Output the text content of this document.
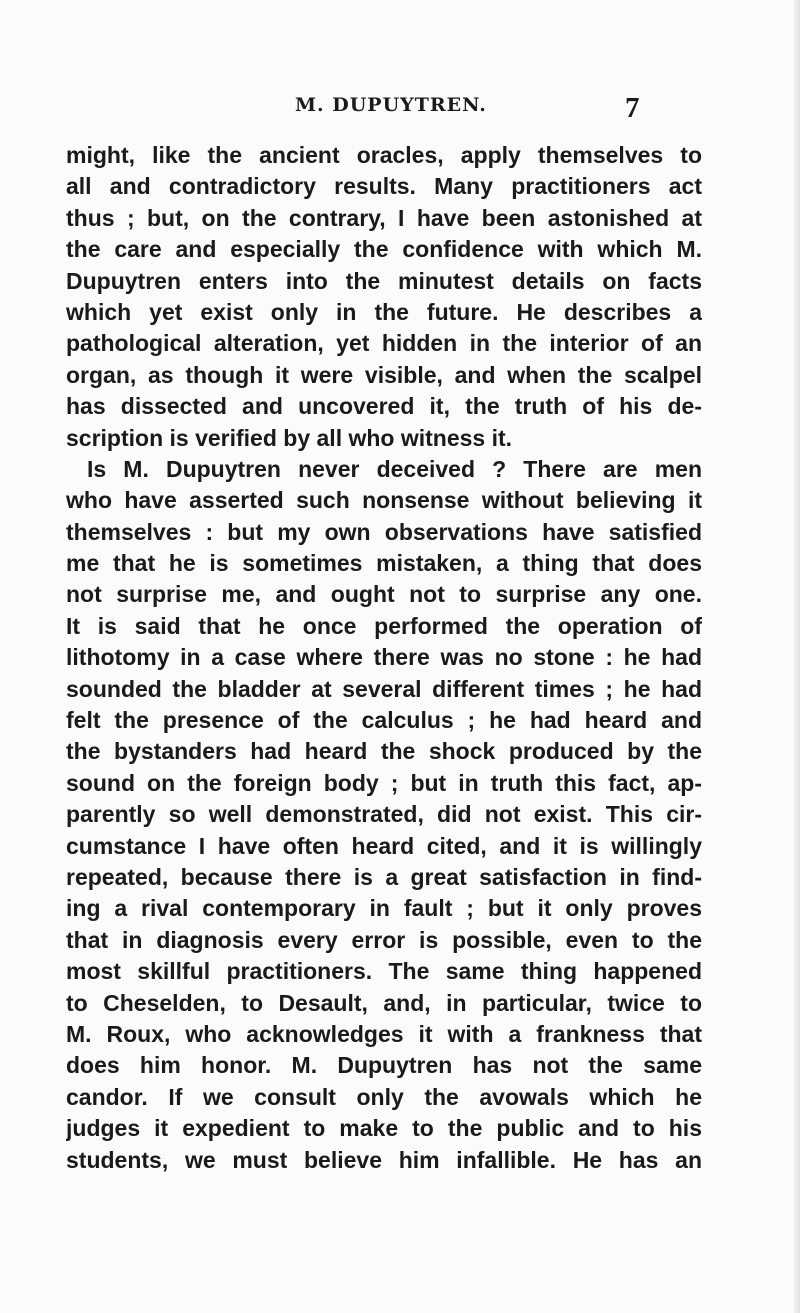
M. DUPUYTREN.	7
might, like the ancient oracles, apply themselves to
all and contradictory results. Many practitioners act
thus ; but, on the contrary, I have been astonished at
the care and especially the confidence with which M.
Dupuytren enters into the minutest details on facts
which yet exist only in the future. He describes a
pathological alteration, yet hidden in the interior of an
organ, as though it were visible, and when the scalpel
has dissected and uncovered it, the truth of his de-
scription is verified by all who witness it.
Is M. Dupuytren never deceived ? There are men
who have asserted such nonsense without believing it
themselves : but my own observations have satisfied
me that he is sometimes mistaken, a thing that does
not surprise me, and ought not to surprise any one.
It is said that he once performed the operation of
lithotomy in a case where there was no stone : he had
sounded the bladder at several different times ; he had
felt the presence of the calculus ; he had heard and
the bystanders had heard the shock produced by the
sound on the foreign body ; but in truth this fact, ap-
parently so well demonstrated, did not exist. This cir-
cumstance I have often heard cited, and it is willingly
repeated, because there is a great satisfaction in find-
ing a rival contemporary in fault ; but it only proves
that in diagnosis every error is possible, even to the
most skillful practitioners. The same thing happened
to Cheselden, to Desault, and, in particular, twice to
M. Roux, who acknowledges it with a frankness that
does him honor. M. Dupuytren has not the same
candor. If we consult only the avowals which he
judges it expedient to make to the public and to his
students, we must believe him infallible. He has an
